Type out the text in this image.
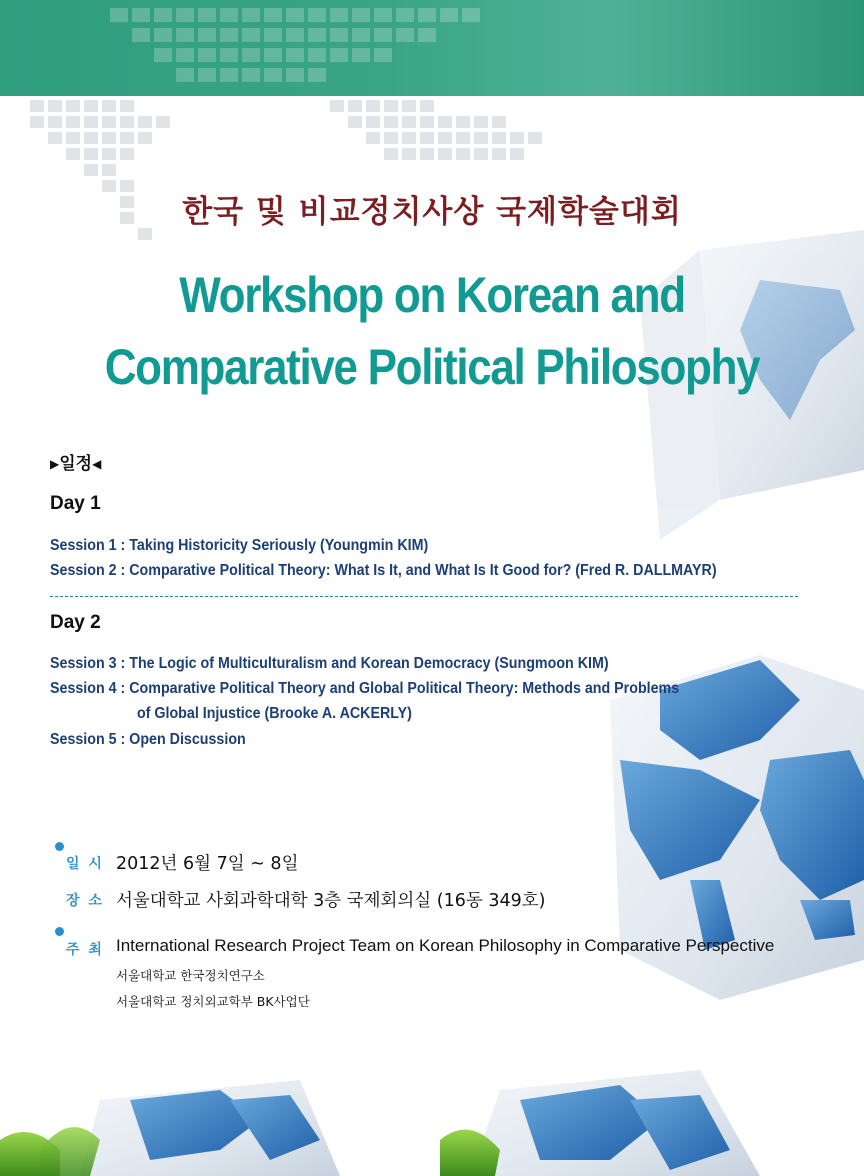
한국 및 비교정치사상 국제학술대회
Workshop on Korean and
Comparative Political Philosophy
▶일정◀
Day 1
Session 1 : Taking Historicity Seriously (Youngmin KIM)
Session 2 : Comparative Political Theory: What Is It, and What Is It Good for? (Fred R. DALLMAYR)
Day 2
Session 3 : The Logic of Multiculturalism and Korean Democracy (Sungmoon KIM)
Session 4 : Comparative Political Theory and Global Political Theory: Methods and Problems
of Global Injustice (Brooke A. ACKERLY)
Session 5 : Open Discussion
일 시 2012년 6월 7일 ~ 8일
장 소 서울대학교 사회과학대학 3층 국제회의실 (16동 349호)
주 최 International Research Project Team on Korean Philosophy in Comparative Perspective
서울대학교 한국정치연구소
서울대학교 정치외교학부 BK사업단
